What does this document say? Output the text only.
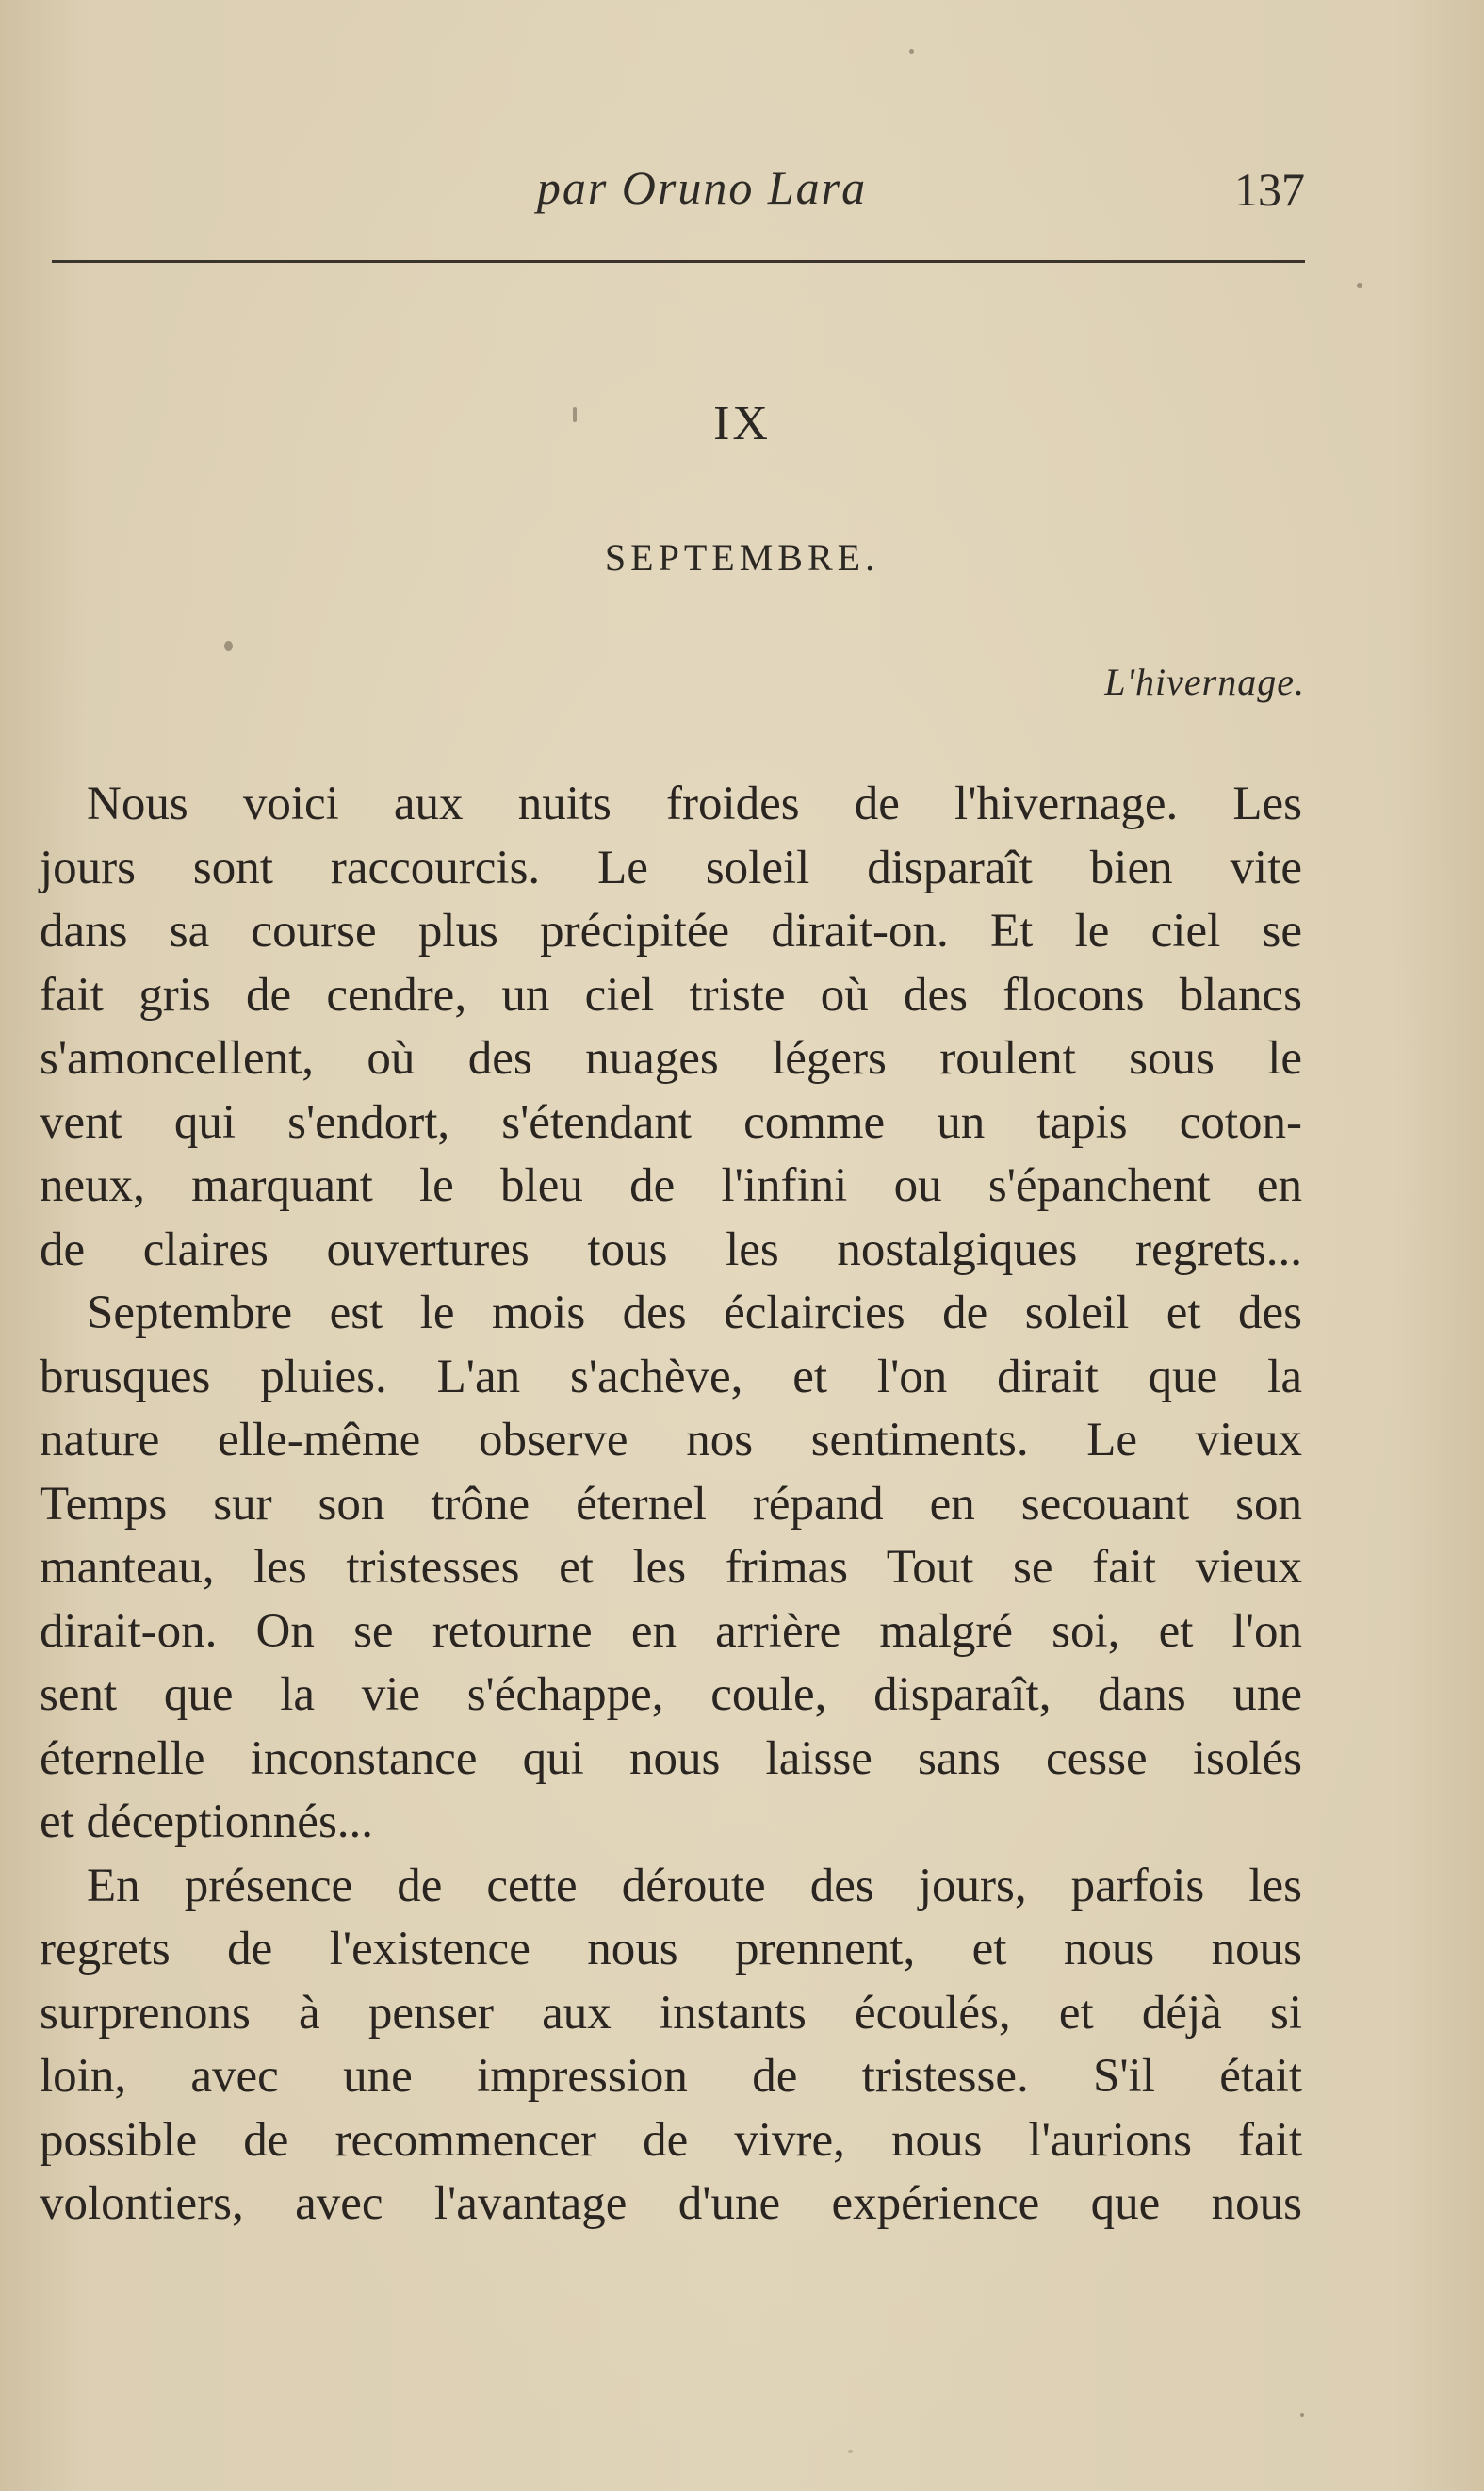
par Oruno Lara	137
IX
SEPTEMBRE.
L'hivernage.
Nous voici aux nuits froides de l'hivernage. Les
jours sont raccourcis. Le soleil disparaît bien vite
dans sa course plus précipitée dirait-on. Et le ciel se
fait gris de cendre, un ciel triste où des flocons blancs
s'amoncellent, où des nuages légers roulent sous le
vent qui s'endort, s'étendant comme un tapis coton-
neux, marquant le bleu de l'infini ou s'épanchent en
de claires ouvertures tous les nostalgiques regrets...
Septembre est le mois des éclaircies de soleil et des
brusques pluies. L'an s'achève, et l'on dirait que la
nature elle-même observe nos sentiments. Le vieux
Temps sur son trône éternel répand en secouant son
manteau, les tristesses et les frimas Tout se fait vieux
dirait-on. On se retourne en arrière malgré soi, et l'on
sent que la vie s'échappe, coule, disparaît, dans une
éternelle inconstance qui nous laisse sans cesse isolés
et déceptionnés...
En présence de cette déroute des jours, parfois les
regrets de l'existence nous prennent, et nous nous
surprenons à penser aux instants écoulés, et déjà si
loin, avec une impression de tristesse. S'il était
possible de recommencer de vivre, nous l'aurions fait
volontiers, avec l'avantage d'une expérience que nous
